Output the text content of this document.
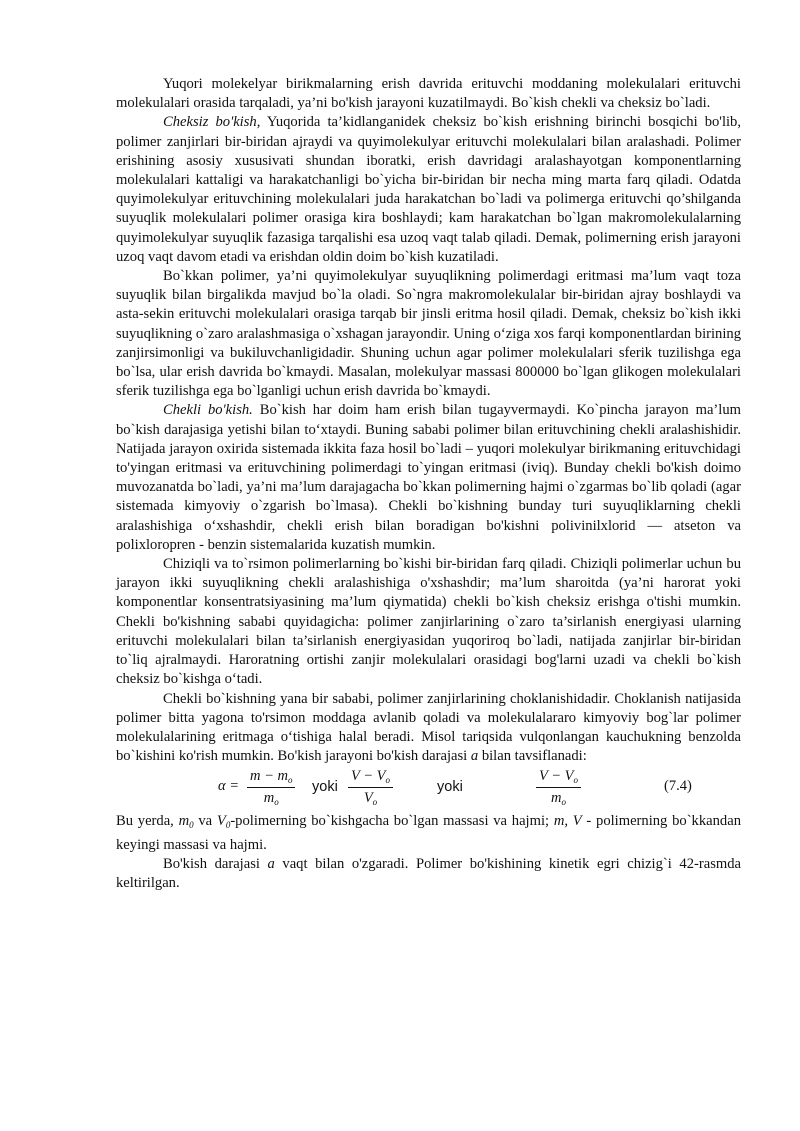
Yuqori molekelyar birikmalarning erish davrida erituvchi moddaning molekulalari erituvchi molekulalari orasida tarqaladi, ya’ni bo'kish jarayoni kuzatilmaydi. Bo`kish chekli va cheksiz bo`ladi.

Cheksiz bo'kish, Yuqorida ta’kidlanganidek cheksiz bo`kish erishning birinchi bosqichi bo'lib, polimer zanjirlari bir-biridan ajraydi va quyimolekulyar erituvchi molekulalari bilan aralashadi. Polimer erishining asosiy xususivati shundan iboratki, erish davridagi aralashayotgan komponentlarning molekulalari kattaligi va harakatchanligi bo`yicha bir-biridan bir necha ming marta farq qiladi. Odatda quyimolekulyar erituvchining molekulalari juda harakatchan bo`ladi va polimerga erituvchi qo’shilganda suyuqlik molekulalari polimer orasiga kira boshlaydi; kam harakatchan bo`lgan makromolekulalarning quyimolekulyar suyuqlik fazasiga tarqalishi esa uzoq vaqt talab qiladi. Demak, polimerning erish jarayoni uzoq vaqt davom etadi va erishdan oldin doim bo`kish kuzatiladi.

Bo`kkan polimer, ya’ni quyimolekulyar suyuqlikning polimerdagi eritmasi ma’lum vaqt toza suyuqlik bilan birgalikda mavjud bo`la oladi. So`ngra makromolekulalar bir-biridan ajray boshlaydi va asta-sekin erituvchi molekulalari orasiga tarqab bir jinsli eritma hosil qiladi. Demak, cheksiz bo`kish ikki suyuqlikning o`zaro aralashmasiga o`xshagan jarayondir. Uning o‘ziga xos farqi komponentlardan birining zanjirsimonligi va bukiluvchanligidadir. Shuning uchun agar polimer molekulalari sferik tuzilishga ega bo`lsa, ular erish davrida bo`kmaydi. Masalan, molekulyar massasi 800000 bo`lgan glikogen molekulalari sferik tuzilishga ega bo`lganligi uchun erish davrida bo`kmaydi.

Chekli bo'kish. Bo`kish har doim ham erish bilan tugayvermaydi. Ko`pincha jarayon ma’lum bo`kish darajasiga yetishi bilan to‘xtaydi. Buning sababi polimer bilan erituvchining chekli aralashishidir. Natijada jarayon oxirida sistemada ikkita faza hosil bo`ladi – yuqori molekulyar birikmaning erituvchidagi to'yingan eritmasi va erituvchining polimerdagi to`yingan eritmasi (iviq). Bunday chekli bo'kish doimo muvozanatda bo`ladi, ya’ni ma’lum darajagacha bo`kkan polimerning hajmi o`zgarmas bo`lib qoladi (agar sistemada kimyoviy o`zgarish bo`lmasa). Chekli bo`kishning bunday turi suyuqliklarning chekli aralashishiga o‘xshashdir, chekli erish bilan boradigan bo'kishni polivinilxlorid — atseton va polixloropren - benzin sistemalarida kuzatish mumkin.

Chiziqli va to`rsimon polimerlarning bo`kishi bir-biridan farq qiladi. Chiziqli polimerlar uchun bu jarayon ikki suyuqlikning chekli aralashishiga o'xshashdir; ma’lum sharoitda (ya’ni harorat yoki komponentlar konsentratsiyasining ma’lum qiymatida) chekli bo`kish cheksiz erishga o'tishi mumkin. Chekli bo'kishning sababi quyidagicha: polimer zanjirlarining o`zaro ta’sirlanish energiyasi ularning erituvchi molekulalari bilan ta’sirlanish energiyasidan yuqoriroq bo`ladi, natijada zanjirlar bir-biridan to`liq ajralmaydi. Haroratning ortishi zanjir molekulalari orasidagi bog'larni uzadi va chekli bo`kish cheksiz bo`kishga o‘tadi.

Chekli bo`kishning yana bir sababi, polimer zanjirlarining choklanishidadir. Choklanish natijasida polimer bitta yagona to'rsimon moddaga avlanib qoladi va molekulalararo kimyoviy bog`lar polimer molekulalarining eritmaga o‘tishiga halal beradi. Misol tariqsida vulqonlangan kauchukning benzolda bo`kishini ko'rish mumkin. Bo'kish jarayoni bo'kish darajasi a bilan tavsiflanadi:

$\alpha = \frac{m - m_o}{m_o}$ yoki $\frac{V - V_o}{V_o}$	yoki	$\frac{V - V_o}{m_o}$	(7.4)

Bu yerda, $m_0$ va $V_0$-polimerning bo`kishgacha bo`lgan massasi va hajmi; m, V - polimerning bo`kkandan keyingi massasi va hajmi.

Bo'kish darajasi a vaqt bilan o'zgaradi. Polimer bo'kishining kinetik egri chizig`i 42-rasmda keltirilgan.
